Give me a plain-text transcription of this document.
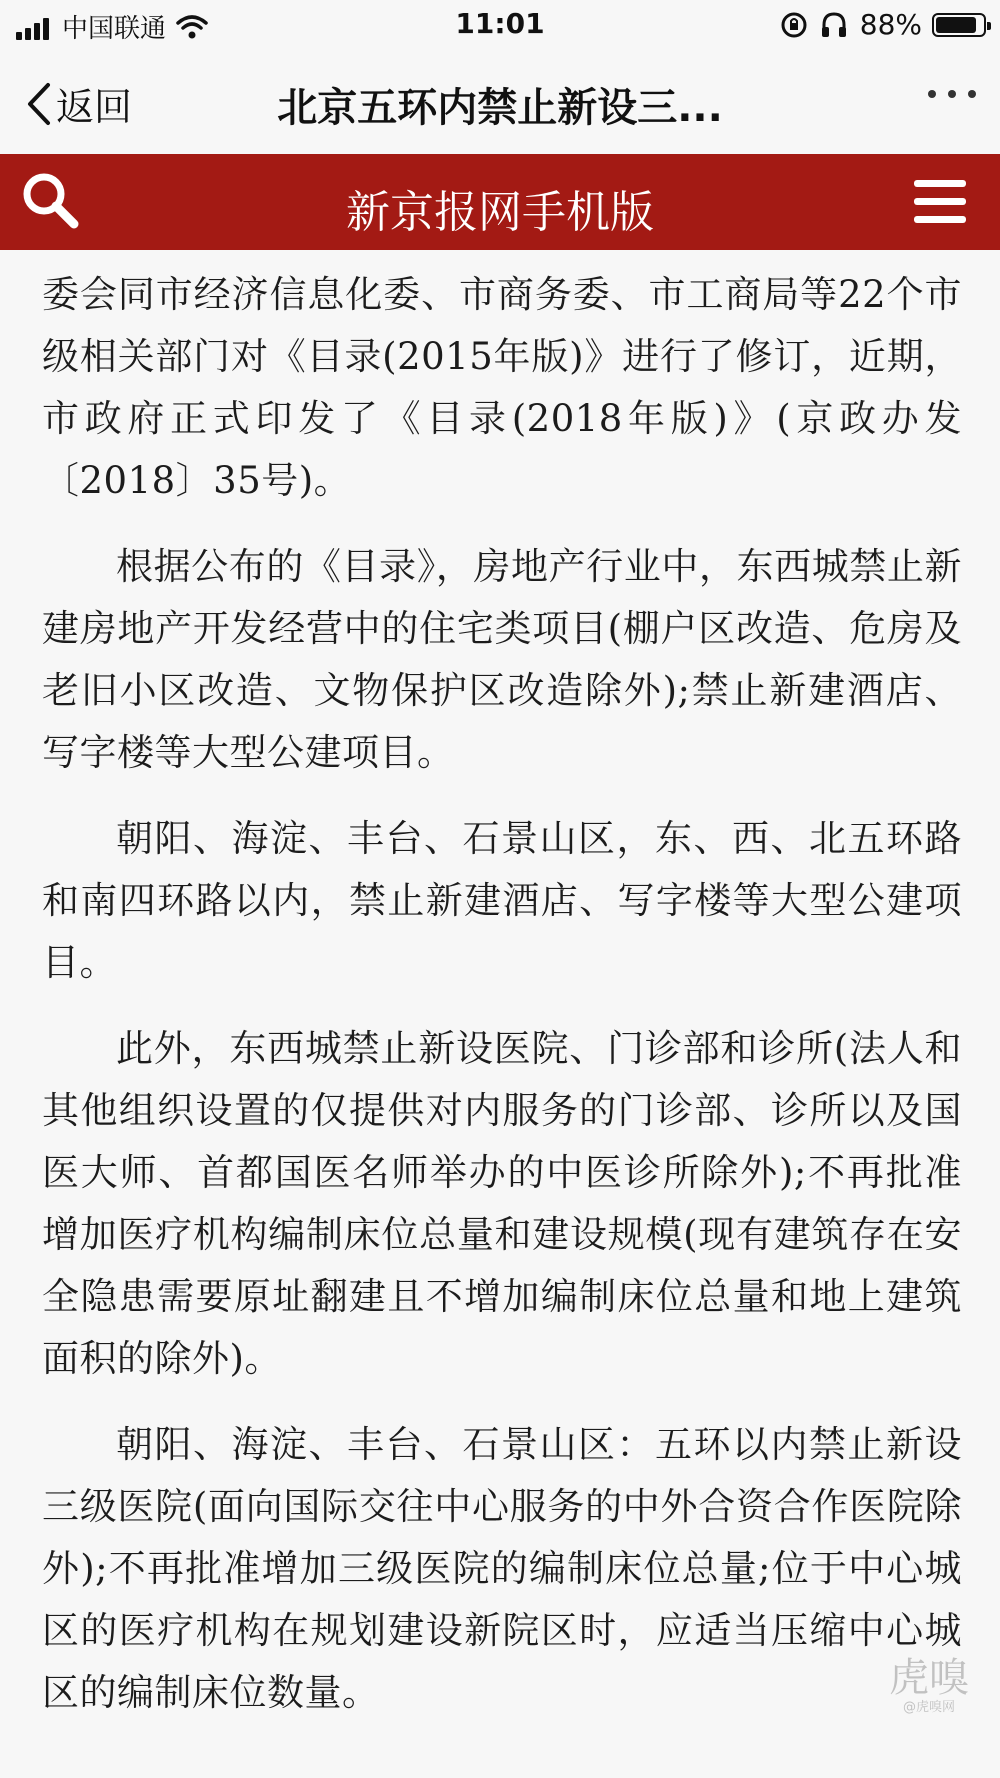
中国联通	11:01	88%
返回	北京五环内禁止新设三...
新京报网手机版

委会同市经济信息化委、市商务委、市工商局等22个市级相关部门对《目录(2015年版)》进行了修订，近期，市政府正式印发了《目录(2018年版)》(京政办发〔2018〕35号)。

根据公布的《目录》，房地产行业中，东西城禁止新建房地产开发经营中的住宅类项目(棚户区改造、危房及老旧小区改造、文物保护区改造除外);禁止新建酒店、写字楼等大型公建项目。

朝阳、海淀、丰台、石景山区，东、西、北五环路和南四环路以内，禁止新建酒店、写字楼等大型公建项目。

此外，东西城禁止新设医院、门诊部和诊所(法人和其他组织设置的仅提供对内服务的门诊部、诊所以及国医大师、首都国医名师举办的中医诊所除外);不再批准增加医疗机构编制床位总量和建设规模(现有建筑存在安全隐患需要原址翻建且不增加编制床位总量和地上建筑面积的除外)。

朝阳、海淀、丰台、石景山区：五环以内禁止新设三级医院(面向国际交往中心服务的中外合资合作医院除外);不再批准增加三级医院的编制床位总量;位于中心城区的医疗机构在规划建设新院区时，应适当压缩中心城区的编制床位数量。	虎嗅
@虎嗅网
